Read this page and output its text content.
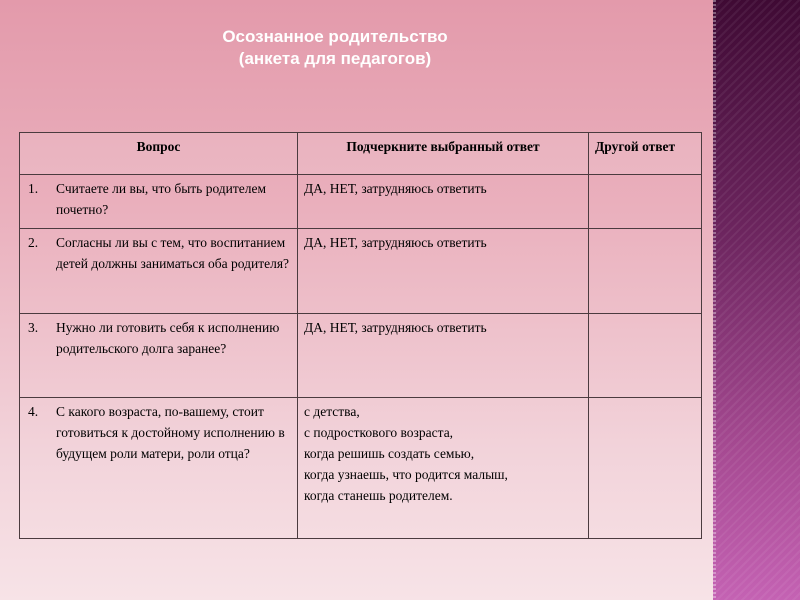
Осознанное родительство
(анкета для педагогов)
Вопрос	Подчеркните выбранный ответ	Другой ответ
1. Считаете ли вы, что быть родителем почетно?	ДА, НЕТ, затрудняюсь ответить	

2. Согласны ли вы с тем, что воспитанием детей должны заниматься оба родителя?	ДА, НЕТ, затрудняюсь ответить	

3. Нужно ли готовить себя к исполнению родительского долга заранее?	ДА, НЕТ, затрудняюсь ответить	

4. С какого возраста, по-вашему, стоит готовиться к достойному исполнению в будущем роли матери, роли отца?	с детства,
с подросткового возраста,
когда решишь создать семью,
когда узнаешь, что родится малыш,
когда станешь родителем.	
